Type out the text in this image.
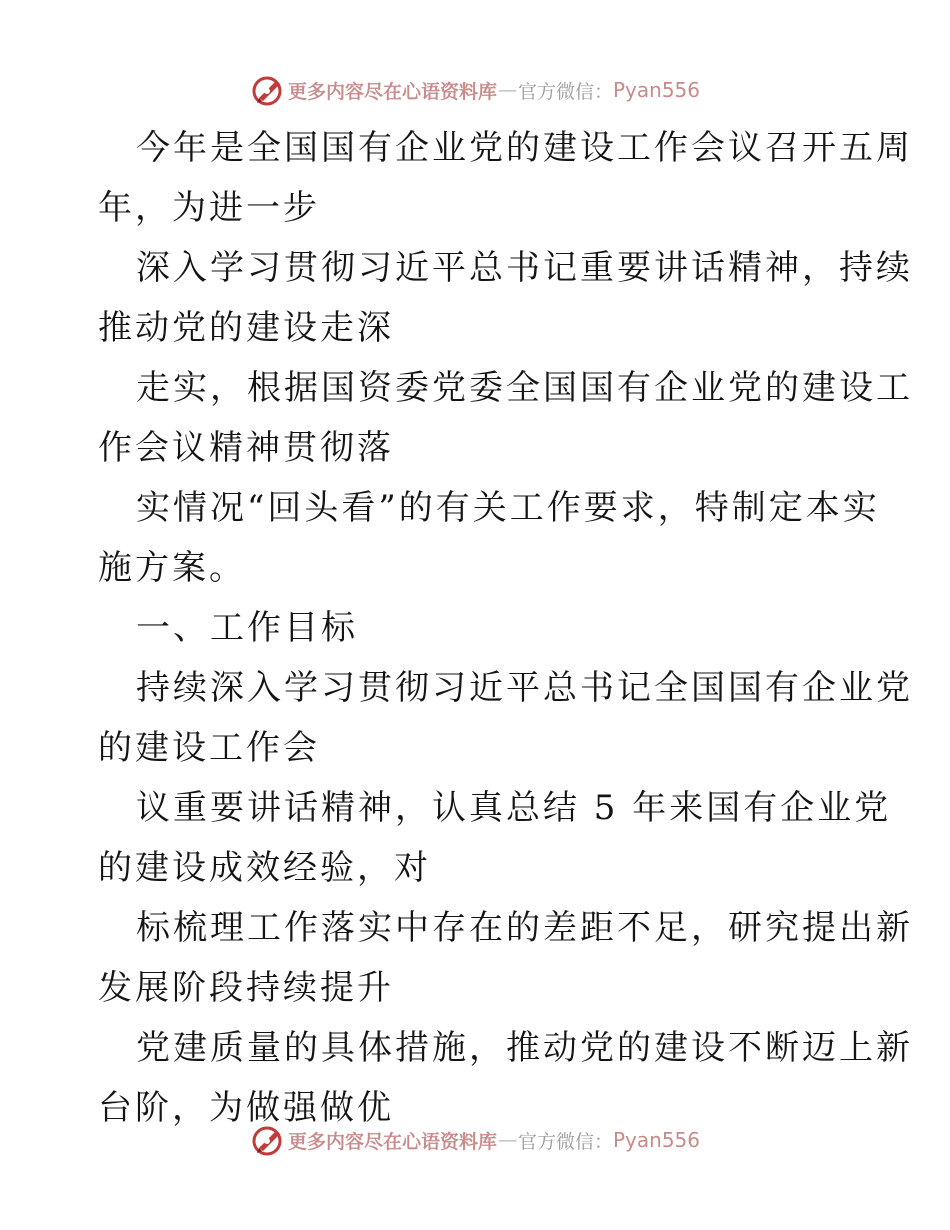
更多内容尽在心语资料库 — 官方微信： Pyan556
今年是全国国有企业党的建设工作会议召开五周
年，为进一步
深入学习贯彻习近平总书记重要讲话精神，持续
推动党的建设走深
走实，根据国资委党委全国国有企业党的建设工
作会议精神贯彻落
实情况“回头看”的有关工作要求，特制定本实
施方案。
一、工作目标
持续深入学习贯彻习近平总书记全国国有企业党
的建设工作会
议重要讲话精神，认真总结 5 年来国有企业党
的建设成效经验，对
标梳理工作落实中存在的差距不足，研究提出新
发展阶段持续提升
党建质量的具体措施，推动党的建设不断迈上新
台阶，为做强做优
更多内容尽在心语资料库 — 官方微信： Pyan556
